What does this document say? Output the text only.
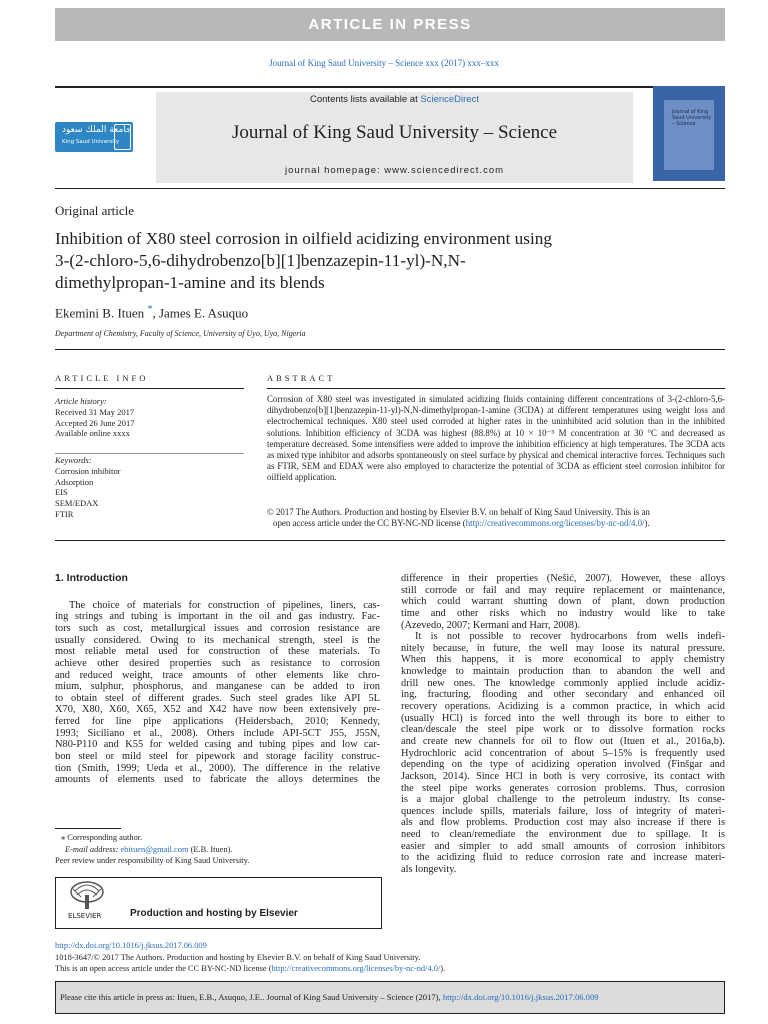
ARTICLE IN PRESS
Journal of King Saud University – Science xxx (2017) xxx–xxx
جامعة الملك سعود
King Saud University
Contents lists available at ScienceDirect
Journal of King Saud University – Science
journal homepage: www.sciencedirect.com
Journal of King Saud University – Science
Original article
Inhibition of X80 steel corrosion in oilfield acidizing environment using
3-(2-chloro-5,6-dihydrobenzo[b][1]benzazepin-11-yl)-N,N-
dimethylpropan-1-amine and its blends
Ekemini B. Ituen *, James E. Asuquo
Department of Chemistry, Faculty of Science, University of Uyo, Uyo, Nigeria
ARTICLE INFO	ABSTRACT
Article history:
Received 31 May 2017
Accepted 26 June 2017
Available online xxxx
Keywords:
Corrosion inhibitor
Adsorption
EIS
SEM/EDAX
FTIR
Corrosion of X80 steel was investigated in simulated acidizing fluids containing different concentrations of 3-(2-chloro-5,6-dihydrobenzo[b][1]benzazepin-11-yl)-N,N-dimethylpropan-1-amine (3CDA) at different temperatures using weight loss and electrochemical techniques. X80 steel used corroded at higher rates in the uninhibited acid solution than in the inhibited solutions. Inhibition efficiency of 3CDA was highest (88.8%) at 10 × 10⁻⁵ M concentration at 30 °C and decreased as temperature decreased. Some intensifiers were added to improve the inhibition efficiency at high temperatures. The 3CDA acts as mixed type inhibitor and adsorbs spontaneously on steel surface by physical and chemical interactive forces. Techniques such as FTIR, SEM and EDAX were also employed to characterize the potential of 3CDA as efficient steel corrosion inhibitor for oilfield application.
© 2017 The Authors. Production and hosting by Elsevier B.V. on behalf of King Saud University. This is an
open access article under the CC BY-NC-ND license (http://creativecommons.org/licenses/by-nc-nd/4.0/).
1. Introduction
The choice of materials for construction of pipelines, liners, cas-
ing strings and tubing is important in the oil and gas industry. Fac-
tors such as cost, metallurgical issues and corrosion resistance are
usually considered. Owing to its mechanical strength, steel is the
most reliable metal used for construction of these materials. To
achieve other desired properties such as resistance to corrosion
and reduced weight, trace amounts of other elements like chro-
mium, sulphur, phosphorus, and manganese can be added to iron
to obtain steel of different grades. Such steel grades like API 5L
X70, X80, X60, X65, X52 and X42 have now been extensively pre-
ferred for line pipe applications (Heidersbach, 2010; Kennedy,
1993; Siciliano et al., 2008). Others include API-5CT J55, J55N,
N80-P110 and K55 for welded casing and tubing pipes and low car-
bon steel or mild steel for pipework and storage facility construc-
tion (Smith, 1999; Ueda et al., 2000). The difference in the relative
amounts of elements used to fabricate the alloys determines the
difference in their properties (Nešić, 2007). However, these alloys
still corrode or fail and may require replacement or maintenance,
which could warrant shutting down of plant, down production
time and other risks which no industry would like to take
(Azevedo, 2007; Kermani and Harr, 2008).
It is not possible to recover hydrocarbons from wells indefi-
nitely because, in future, the well may loose its natural pressure.
When this happens, it is more economical to apply chemistry
knowledge to maintain production than to abandon the well and
drill new ones. The knowledge commonly applied include acidiz-
ing, fracturing, flooding and other secondary and enhanced oil
recovery operations. Acidizing is a common practice, in which acid
(usually HCl) is forced into the well through its bore to either to
clean/descale the steel pipe work or to dissolve formation rocks
and create new channels for oil to flow out (Ituen et al., 2016a,b).
Hydrochloric acid concentration of about 5–15% is frequently used
depending on the type of acidizing operation involved (Finšgar and
Jackson, 2014). Since HCl in both is very corrosive, its contact with
the steel pipe works generates corrosion problems. Thus, corrosion
is a major global challenge to the petroleum industry. Its conse-
quences include spills, materials failure, loss of integrity of materi-
als and flow problems. Production cost may also increase if there is
need to clean/remediate the environment due to spillage. It is
easier and simpler to add small amounts of corrosion inhibitors
to the acidizing fluid to reduce corrosion rate and increase materi-
als longevity.
⁎ Corresponding author.
E-mail address: ebituen@gmail.com (E.B. Ituen).
Peer review under responsibility of King Saud University.
ELSEVIER	Production and hosting by Elsevier
http://dx.doi.org/10.1016/j.jksus.2017.06.009
1018-3647/© 2017 The Authors. Production and hosting by Elsevier B.V. on behalf of King Saud University.
This is an open access article under the CC BY-NC-ND license (http://creativecommons.org/licenses/by-nc-nd/4.0/).
Please cite this article in press as: Ituen, E.B., Asuquo, J.E.. Journal of King Saud University – Science (2017), http://dx.doi.org/10.1016/j.jksus.2017.06.009
